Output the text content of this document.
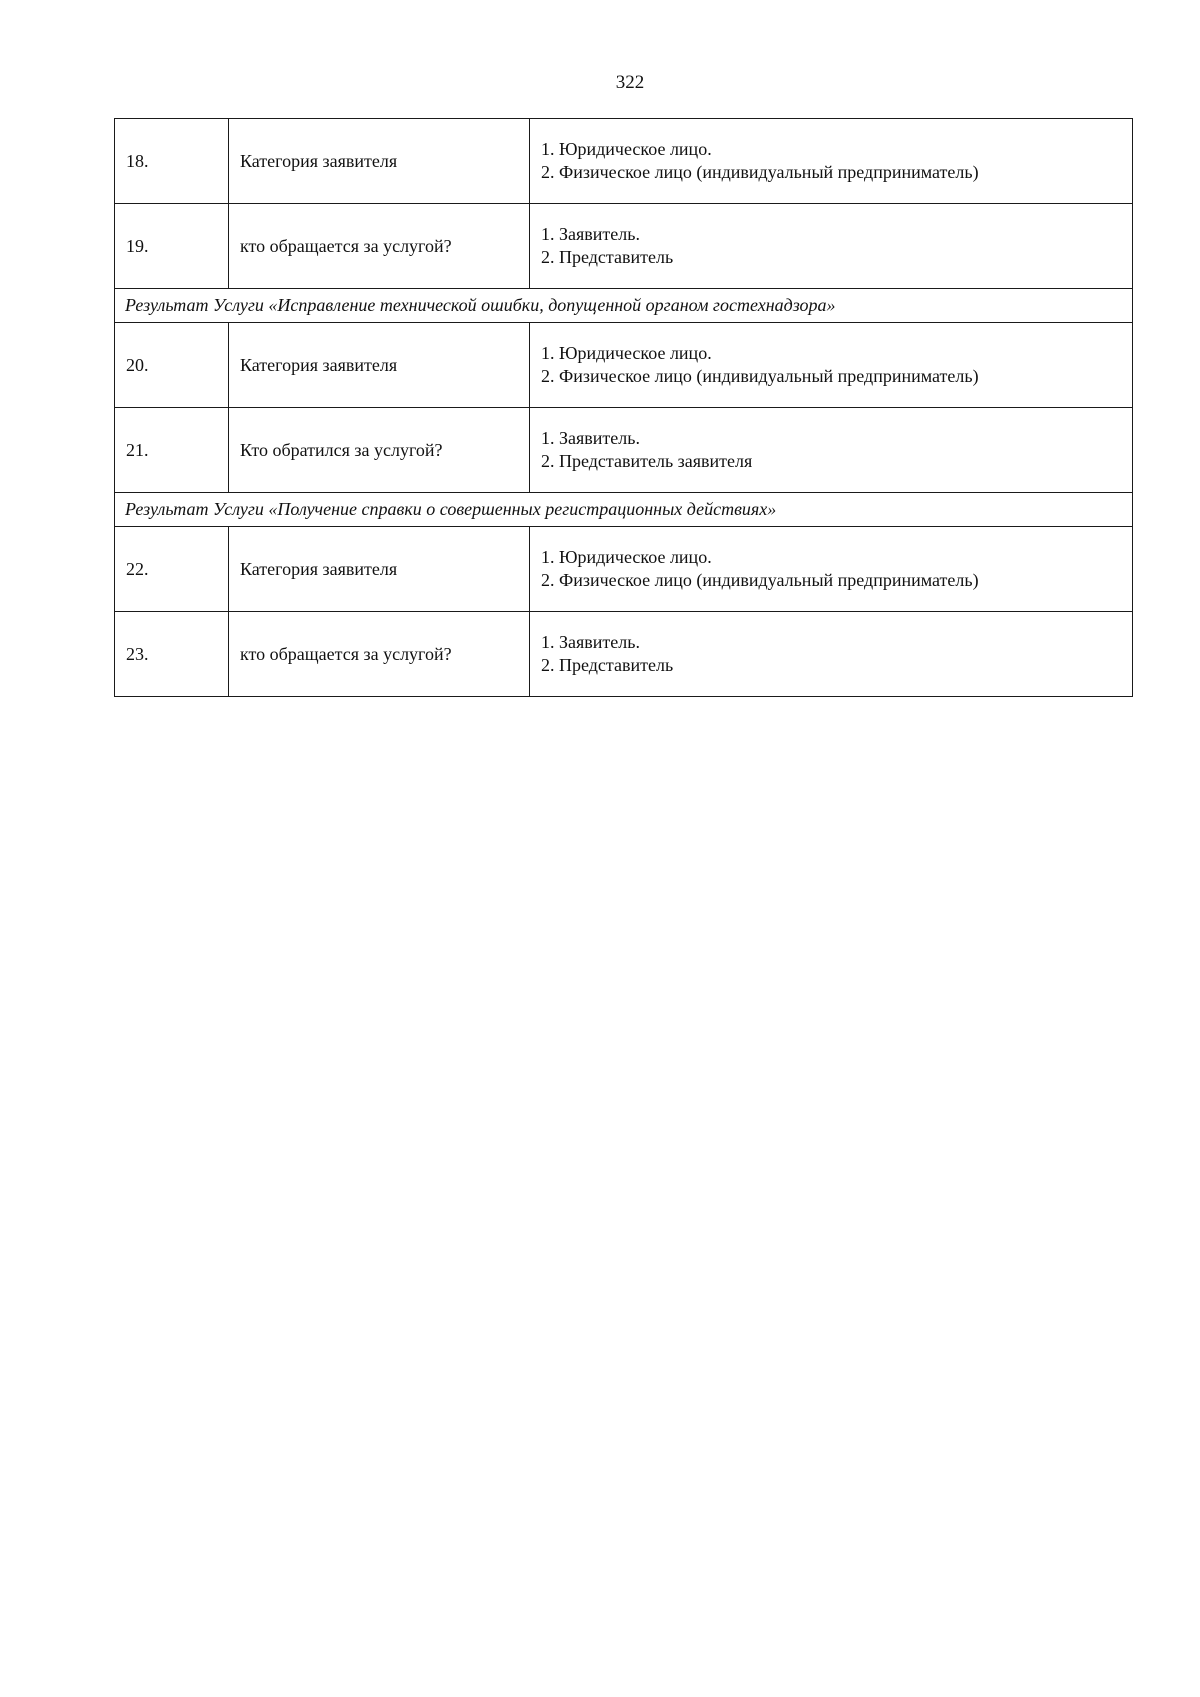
322
18.	Категория заявителя	1. Юридическое лицо.
2. Физическое лицо (индивидуальный предприниматель)

19.	кто обращается за услугой?	1. Заявитель.
2. Представитель

Результат Услуги «Исправление технической ошибки, допущенной органом гостехнадзора»		
20.	Категория заявителя	1. Юридическое лицо.
2. Физическое лицо (индивидуальный предприниматель)

21.	Кто обратился за услугой?	1. Заявитель.
2. Представитель заявителя

Результат Услуги «Получение справки о совершенных регистрационных действиях»		
22.	Категория заявителя	1. Юридическое лицо.
2. Физическое лицо (индивидуальный предприниматель)

23.	кто обращается за услугой?	1. Заявитель.
2. Представитель
